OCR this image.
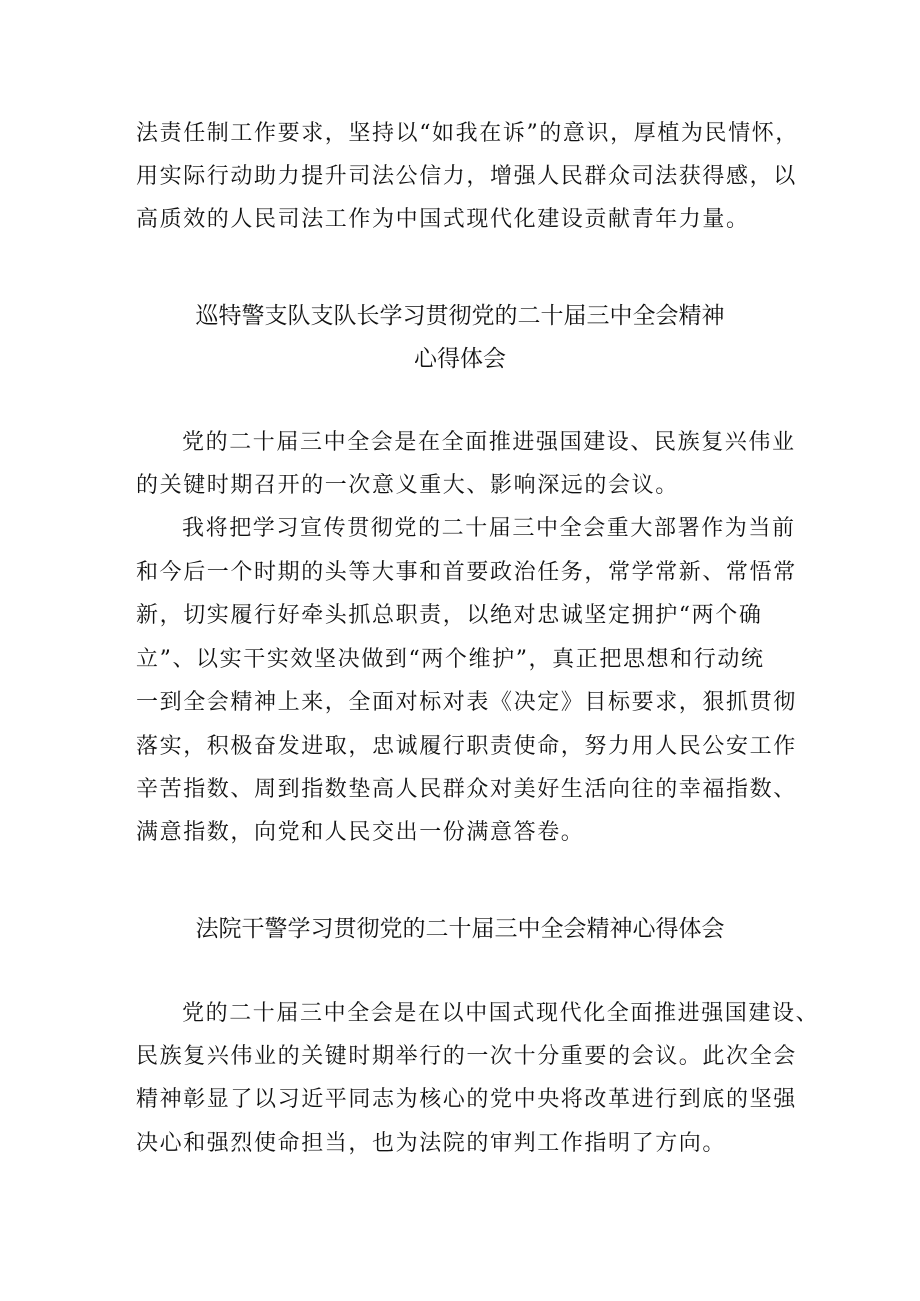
法责任制工作要求，坚持以“如我在诉”的意识，厚植为民情怀，
用实际行动助力提升司法公信力，增强人民群众司法获得感，以
高质效的人民司法工作为中国式现代化建设贡献青年力量。
巡特警支队支队长学习贯彻党的二十届三中全会精神
心得体会
党的二十届三中全会是在全面推进强国建设、民族复兴伟业
的关键时期召开的一次意义重大、影响深远的会议。
我将把学习宣传贯彻党的二十届三中全会重大部署作为当前
和今后一个时期的头等大事和首要政治任务，常学常新、常悟常
新，切实履行好牵头抓总职责，以绝对忠诚坚定拥护“两个确
立”、以实干实效坚决做到“两个维护”，真正把思想和行动统
一到全会精神上来，全面对标对表《决定》目标要求，狠抓贯彻
落实，积极奋发进取，忠诚履行职责使命，努力用人民公安工作
辛苦指数、周到指数垫高人民群众对美好生活向往的幸福指数、
满意指数，向党和人民交出一份满意答卷。
法院干警学习贯彻党的二十届三中全会精神心得体会
党的二十届三中全会是在以中国式现代化全面推进强国建设、
民族复兴伟业的关键时期举行的一次十分重要的会议。此次全会
精神彰显了以习近平同志为核心的党中央将改革进行到底的坚强
决心和强烈使命担当，也为法院的审判工作指明了方向。
